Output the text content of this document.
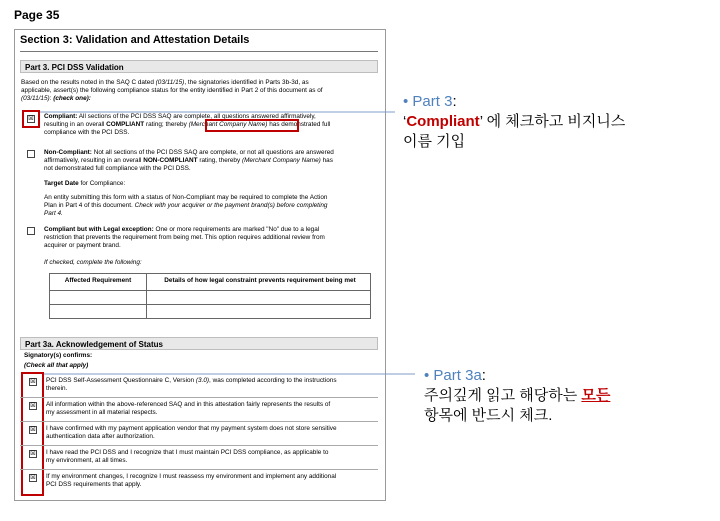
Page 35
Section 3: Validation and Attestation Details
Part 3. PCI DSS Validation
Based on the results noted in the SAQ C dated (03/11/15), the signatories identified in Parts 3b-3d, as
applicable, assert(s) the following compliance status for the entity identified in Part 2 of this document as of
(03/11/15): (check one):
☒ Compliant: All sections of the PCI DSS SAQ are complete, all questions answered affirmatively,
resulting in an overall COMPLIANT rating; thereby (Merchant Company Name) has demonstrated full
compliance with the PCI DSS.
Non-Compliant: Not all sections of the PCI DSS SAQ are complete, or not all questions are answered
affirmatively, resulting in an overall NON-COMPLIANT rating, thereby (Merchant Company Name) has
not demonstrated full compliance with the PCI DSS.
Target Date for Compliance:
An entity submitting this form with a status of Non-Compliant may be required to complete the Action
Plan in Part 4 of this document. Check with your acquirer or the payment brand(s) before completing
Part 4.
Compliant but with Legal exception: One or more requirements are marked "No" due to a legal
restriction that prevents the requirement from being met. This option requires additional review from
acquirer or payment brand.
If checked, complete the following:
Affected Requirement	Details of how legal constraint prevents requirement being met
Part 3a. Acknowledgement of Status
Signatory(s) confirms:
(Check all that apply)
☒ PCI DSS Self-Assessment Questionnaire C, Version (3.0), was completed according to the instructions
therein.
☒ All information within the above-referenced SAQ and in this attestation fairly represents the results of
my assessment in all material respects.
☒ I have confirmed with my payment application vendor that my payment system does not store sensitive
authentication data after authorization.
☒ I have read the PCI DSS and I recognize that I must maintain PCI DSS compliance, as applicable to
my environment, at all times.
☒ If my environment changes, I recognize I must reassess my environment and implement any additional
PCI DSS requirements that apply.
• Part 3:
‘Compliant’ 에 체크하고 비지니스
이름 기입
• Part 3a:
주의깊게 읽고 해당하는 모든
항목에 반드시 체크.
